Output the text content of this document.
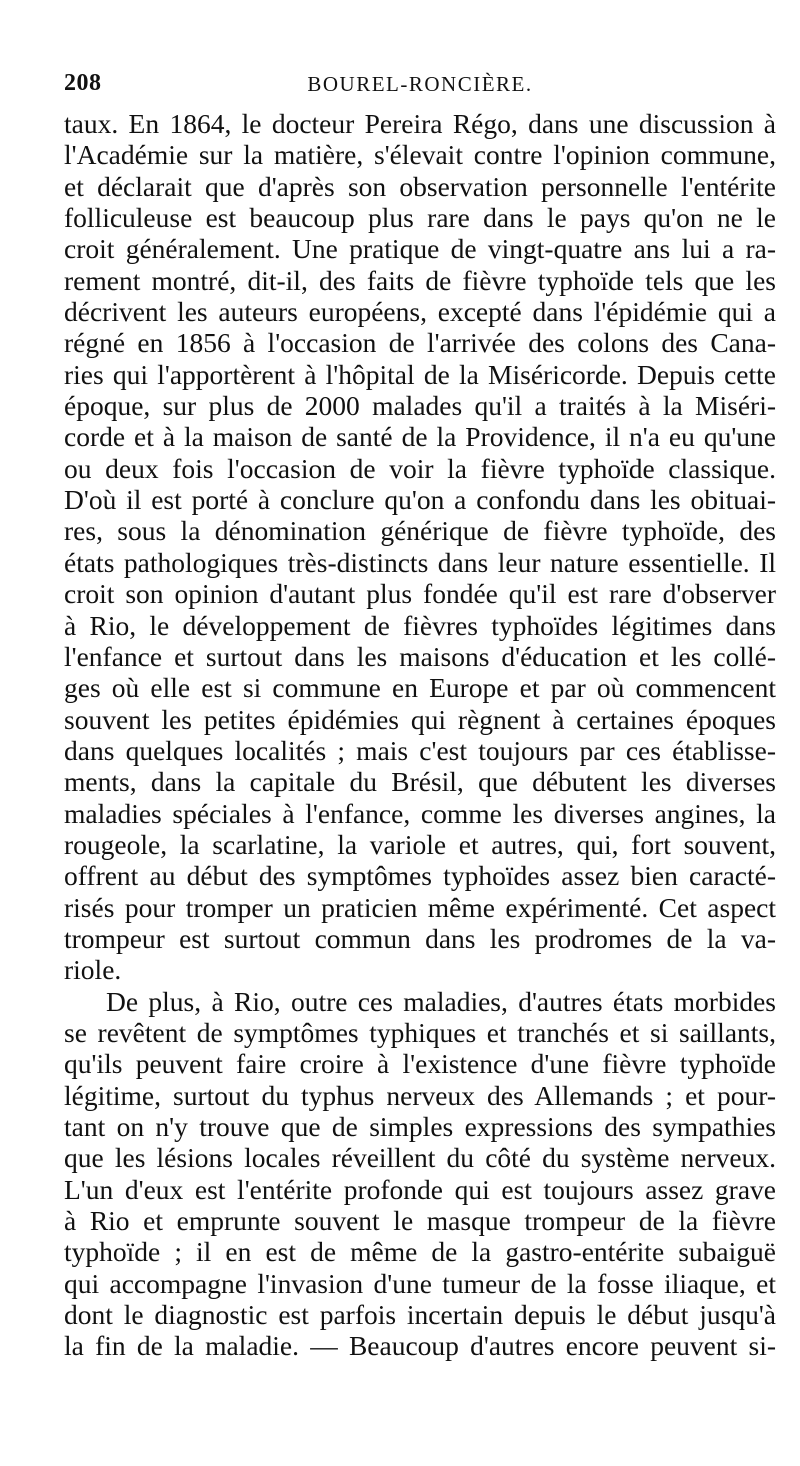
208	BOUREL-RONCIÈRE.
taux. En 1864, le docteur Pereira Régo, dans une discussion à
l'Académie sur la matière, s'élevait contre l'opinion commune,
et déclarait que d'après son observation personnelle l'entérite
folliculeuse est beaucoup plus rare dans le pays qu'on ne le
croit généralement. Une pratique de vingt-quatre ans lui a ra-
rement montré, dit-il, des faits de fièvre typhoïde tels que les
décrivent les auteurs européens, excepté dans l'épidémie qui a
régné en 1856 à l'occasion de l'arrivée des colons des Cana-
ries qui l'apportèrent à l'hôpital de la Miséricorde. Depuis cette
époque, sur plus de 2000 malades qu'il a traités à la Miséri-
corde et à la maison de santé de la Providence, il n'a eu qu'une
ou deux fois l'occasion de voir la fièvre typhoïde classique.
D'où il est porté à conclure qu'on a confondu dans les obituai-
res, sous la dénomination générique de fièvre typhoïde, des
états pathologiques très-distincts dans leur nature essentielle. Il
croit son opinion d'autant plus fondée qu'il est rare d'observer
à Rio, le développement de fièvres typhoïdes légitimes dans
l'enfance et surtout dans les maisons d'éducation et les collé-
ges où elle est si commune en Europe et par où commencent
souvent les petites épidémies qui règnent à certaines époques
dans quelques localités ; mais c'est toujours par ces établisse-
ments, dans la capitale du Brésil, que débutent les diverses
maladies spéciales à l'enfance, comme les diverses angines, la
rougeole, la scarlatine, la variole et autres, qui, fort souvent,
offrent au début des symptômes typhoïdes assez bien caracté-
risés pour tromper un praticien même expérimenté. Cet aspect
trompeur est surtout commun dans les prodromes de la va-
riole.
De plus, à Rio, outre ces maladies, d'autres états morbides
se revêtent de symptômes typhiques et tranchés et si saillants,
qu'ils peuvent faire croire à l'existence d'une fièvre typhoïde
légitime, surtout du typhus nerveux des Allemands ; et pour-
tant on n'y trouve que de simples expressions des sympathies
que les lésions locales réveillent du côté du système nerveux.
L'un d'eux est l'entérite profonde qui est toujours assez grave
à Rio et emprunte souvent le masque trompeur de la fièvre
typhoïde ; il en est de même de la gastro-entérite subaiguë
qui accompagne l'invasion d'une tumeur de la fosse iliaque, et
dont le diagnostic est parfois incertain depuis le début jusqu'à
la fin de la maladie. — Beaucoup d'autres encore peuvent si-
